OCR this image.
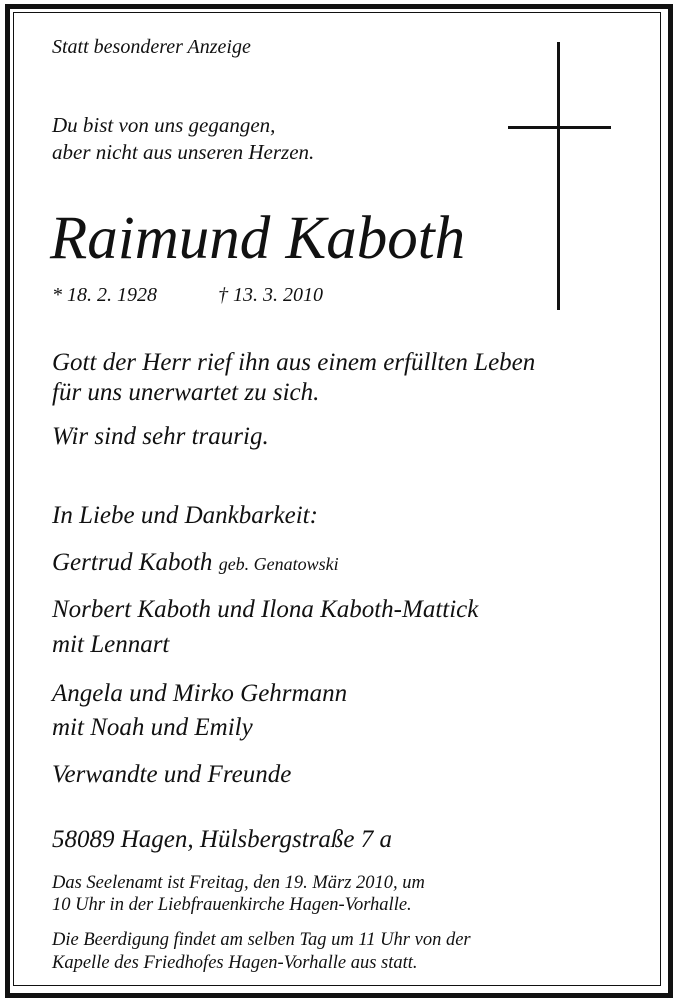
Statt besonderer Anzeige

Du bist von uns gegangen,

aber nicht aus unseren Herzen.

Raimund Kaboth

* 18. 2. 1928	† 13. 3. 2010

Gott der Herr rief ihn aus einem erfüllten Leben

für uns unerwartet zu sich.

Wir sind sehr traurig.

In Liebe und Dankbarkeit:

Gertrud Kaboth geb. Genatowski

Norbert Kaboth und Ilona Kaboth-Mattick

mit Lennart

Angela und Mirko Gehrmann

mit Noah und Emily

Verwandte und Freunde

58089 Hagen, Hülsbergstraße 7 a

Das Seelenamt ist Freitag, den 19. März 2010, um

10 Uhr in der Liebfrauenkirche Hagen-Vorhalle.

Die Beerdigung findet am selben Tag um 11 Uhr von der

Kapelle des Friedhofes Hagen-Vorhalle aus statt.
